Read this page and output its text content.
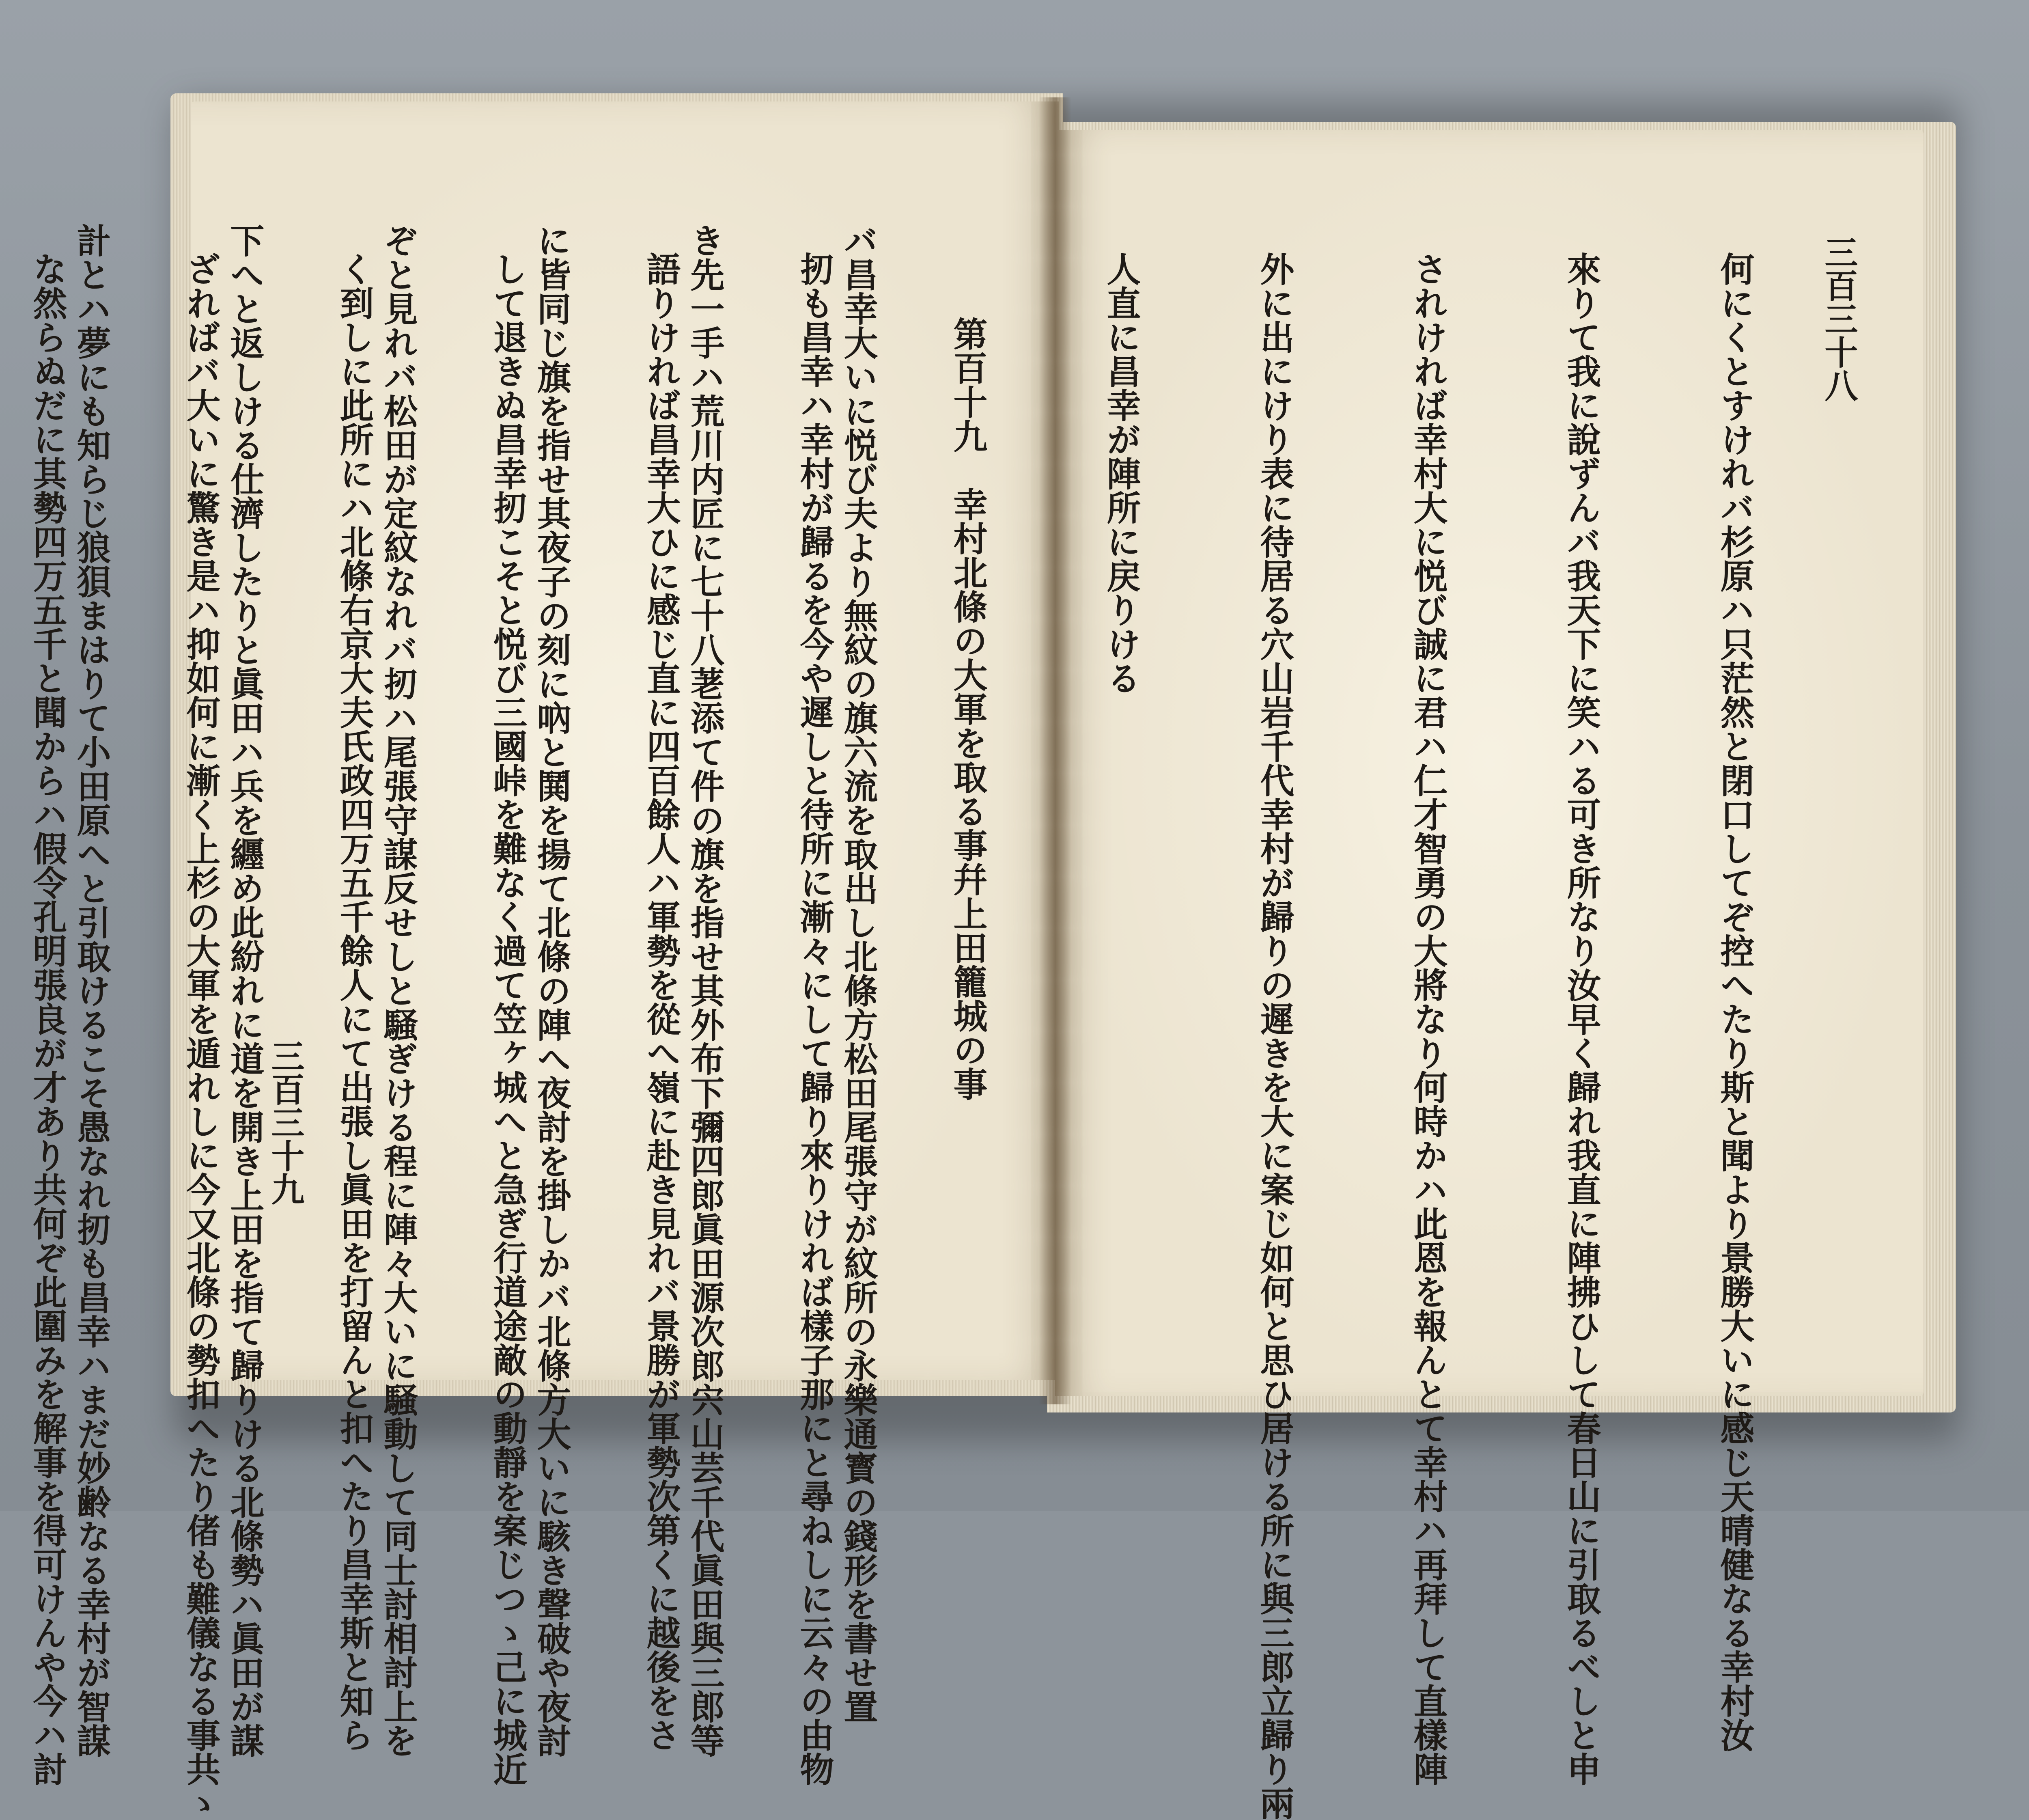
バ昌幸大いに悦び夫より無紋の旗六流を取出し北條方松田尾張守が紋所の永樂通寳の錢形を書せ置

き先一手ハ荒川内匠に七十八荖添て件の旗を指せ其外布下彌四郎眞田源次郎宍山芸千代眞田與三郎等

に皆同じ旗を指せ其夜子の刻に吶と鬨を揚て北條の陣へ夜討を掛しかバ北條方大いに駭き聲破や夜討

ぞと見れバ松田が定紋なれバ扨ハ尾張守謀反せしと騒ぎける程に陣々大いに騒動して同士討相討上を

下へと返しける仕濟したりと眞田ハ兵を纒め此紛れに道を開き上田を指て歸りける北條勢ハ眞田が謀

計とハ夢にも知らじ狼狽まはりて小田原へと引取けるこそ愚なれ扨も昌幸ハまだ妙齢なる幸村が智謀

	三百三十九
三百三十八

何にくとすけれバ杉原ハ只茫然と閉口してぞ控へたり斯と聞より景勝大いに感じ天晴健なる幸村汝

來りて我に說ずんバ我天下に笑ハる可き所なり汝早く歸れ我直に陣拂ひして春日山に引取るべしと申

されければ幸村大に悦び誠に君ハ仁才智勇の大將なり何時かハ此恩を報んとて幸村ハ再拜して直樣陣

外に出にけり表に待居る穴山岩千代幸村が歸りの遲きを大に案じ如何と思ひ居ける所に與三郎立歸り兩

人直に昌幸が陣所に戻りける

第百十九　幸村北條の大軍を取る事幷上田籠城の事

扨も昌幸ハ幸村が歸るを今や遲しと待所に漸々にして歸り來りければ樣子那にと尋ねしに云々の由物

語りければ昌幸大ひに感じ直に四百餘人ハ軍勢を從へ嶺に赴き見れバ景勝が軍勢次第くに越後をさ

して退きぬ昌幸扨こそと悦び三國峠を難なく過て笠ヶ城へと急ぎ行道途敵の動靜を案じつゝ己に城近

く到しに此所にハ北條右京大夫氏政四万五千餘人にて出張し眞田を打留んと扣へたり昌幸斯と知ら

ざればバ大いに驚き是ハ抑如何に漸く上杉の大軍を遁れしに今又北條の勢扣へたり偖も難儀なる事共ゝ

な然らぬだに其勢四万五千と聞からハ假令孔明張良が才あり共何ぞ此圍みを解事を得可けんや今ハ討
